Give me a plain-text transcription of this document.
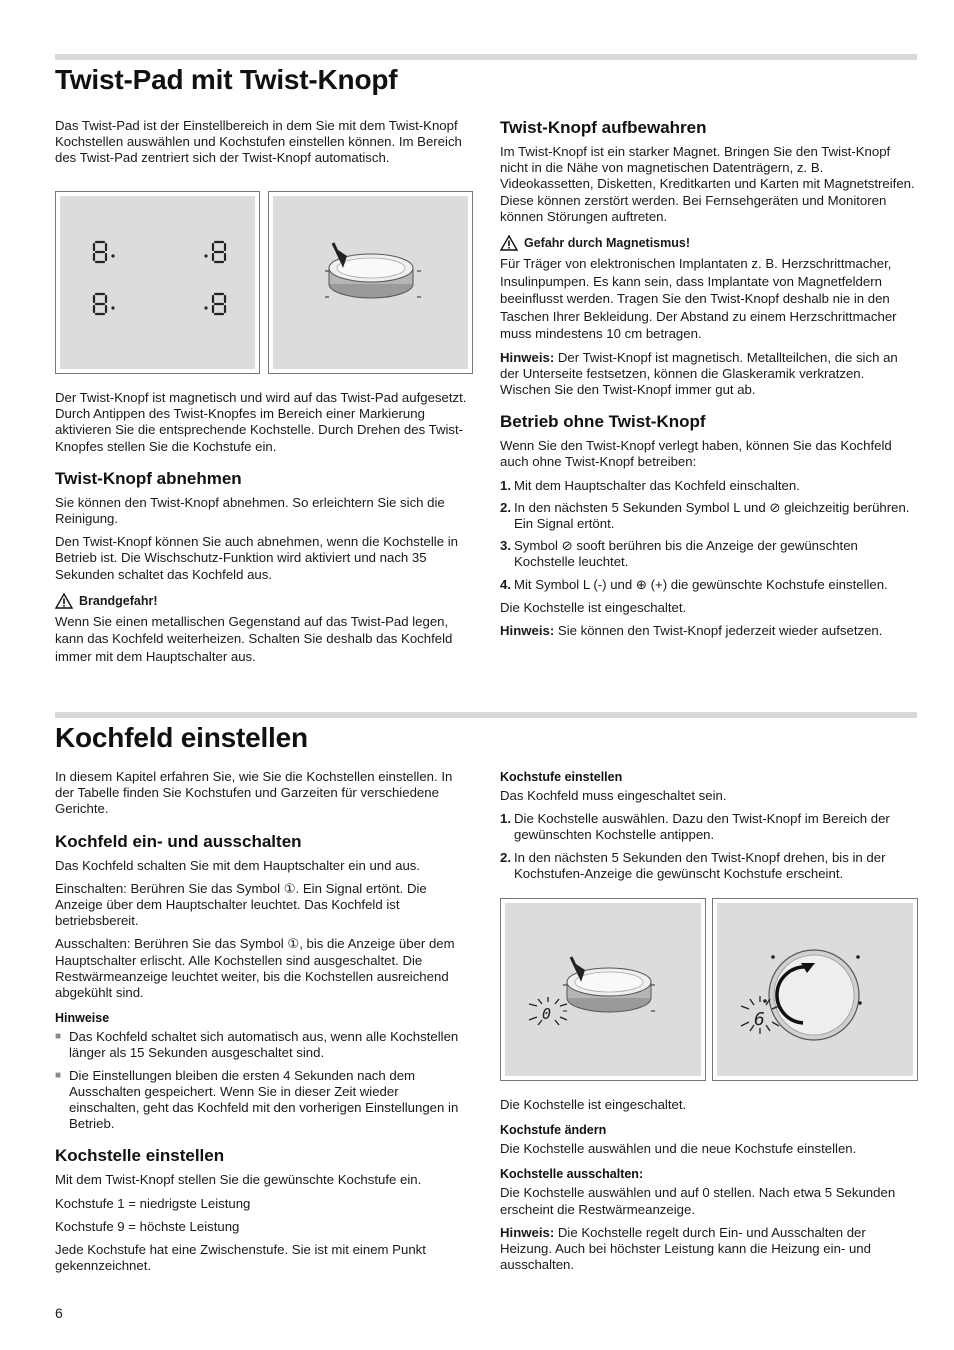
Twist-Pad mit Twist-Knopf

Das Twist-Pad ist der Einstellbereich in dem Sie mit dem Twist-Knopf Kochstellen auswählen und Kochstufen einstellen können. Im Bereich des Twist-Pad zentriert sich der Twist-Knopf automatisch.

Der Twist-Knopf ist magnetisch und wird auf das Twist-Pad aufgesetzt. Durch Antippen des Twist-Knopfes im Bereich einer Markierung aktivieren Sie die entsprechende Kochstelle. Durch Drehen des Twist-Knopfes stellen Sie die Kochstufe ein.

Twist-Knopf abnehmen

Sie können den Twist-Knopf abnehmen. So erleichtern Sie sich die Reinigung.

Den Twist-Knopf können Sie auch abnehmen, wenn die Kochstelle in Betrieb ist. Die Wischschutz-Funktion wird aktiviert und nach 35 Sekunden schaltet das Kochfeld aus.

Brandgefahr!

Wenn Sie einen metallischen Gegenstand auf das Twist-Pad legen, kann das Kochfeld weiterheizen. Schalten Sie deshalb das Kochfeld immer mit dem Hauptschalter aus.

Twist-Knopf aufbewahren

Im Twist-Knopf ist ein starker Magnet. Bringen Sie den Twist-Knopf nicht in die Nähe von magnetischen Datenträgern, z. B. Videokassetten, Disketten, Kreditkarten und Karten mit Magnetstreifen. Diese können zerstört werden. Bei Fernsehgeräten und Monitoren können Störungen auftreten.

Gefahr durch Magnetismus!

Für Träger von elektronischen Implantaten z. B. Herzschrittmacher, Insulinpumpen. Es kann sein, dass Implantate von Magnetfeldern beeinflusst werden. Tragen Sie den Twist-Knopf deshalb nie in den Taschen Ihrer Bekleidung. Der Abstand zu einem Herzschrittmacher muss mindestens 10 cm betragen.

Hinweis: Der Twist-Knopf ist magnetisch. Metallteilchen, die sich an der Unterseite festsetzen, können die Glaskeramik verkratzen. Wischen Sie den Twist-Knopf immer gut ab.

Betrieb ohne Twist-Knopf

Wenn Sie den Twist-Knopf verlegt haben, können Sie das Kochfeld auch ohne Twist-Knopf betreiben:

1. Mit dem Hauptschalter das Kochfeld einschalten.
2. In den nächsten 5 Sekunden Symbol L und ⊘ gleichzeitig berühren. Ein Signal ertönt.
3. Symbol ⊘ sooft berühren bis die Anzeige der gewünschten Kochstelle leuchtet.
4. Mit Symbol L (-) und ⊕ (+) die gewünschte Kochstufe einstellen.

Die Kochstelle ist eingeschaltet.

Hinweis: Sie können den Twist-Knopf jederzeit wieder aufsetzen.

Kochfeld einstellen

In diesem Kapitel erfahren Sie, wie Sie die Kochstellen einstellen. In der Tabelle finden Sie Kochstufen und Garzeiten für verschiedene Gerichte.

Kochfeld ein- und ausschalten

Das Kochfeld schalten Sie mit dem Hauptschalter ein und aus.

Einschalten: Berühren Sie das Symbol ①. Ein Signal ertönt. Die Anzeige über dem Hauptschalter leuchtet. Das Kochfeld ist betriebsbereit.

Ausschalten: Berühren Sie das Symbol ①, bis die Anzeige über dem Hauptschalter erlischt. Alle Kochstellen sind ausgeschaltet. Die Restwärmeanzeige leuchtet weiter, bis die Kochstellen ausreichend abgekühlt sind.

Hinweise
■ Das Kochfeld schaltet sich automatisch aus, wenn alle Kochstellen länger als 15 Sekunden ausgeschaltet sind.
■ Die Einstellungen bleiben die ersten 4 Sekunden nach dem Ausschalten gespeichert. Wenn Sie in dieser Zeit wieder einschalten, geht das Kochfeld mit den vorherigen Einstellungen in Betrieb.
Kochstelle einstellen

Mit dem Twist-Knopf stellen Sie die gewünschte Kochstufe ein.

Kochstufe 1 = niedrigste Leistung

Kochstufe 9 = höchste Leistung

Jede Kochstufe hat eine Zwischenstufe. Sie ist mit einem Punkt gekennzeichnet.

Kochstufe einstellen

Das Kochfeld muss eingeschaltet sein.

1. Die Kochstelle auswählen. Dazu den Twist-Knopf im Bereich der gewünschten Kochstelle antippen.
2. In den nächsten 5 Sekunden den Twist-Knopf drehen, bis in der Kochstufen-Anzeige die gewünscht Kochstufe erscheint.
0	6

Die Kochstelle ist eingeschaltet.

Kochstufe ändern

Die Kochstelle auswählen und die neue Kochstufe einstellen.

Kochstelle ausschalten:

Die Kochstelle auswählen und auf 0 stellen. Nach etwa 5 Sekunden erscheint die Restwärmeanzeige.

Hinweis: Die Kochstelle regelt durch Ein- und Ausschalten der Heizung. Auch bei höchster Leistung kann die Heizung ein- und ausschalten.

6
